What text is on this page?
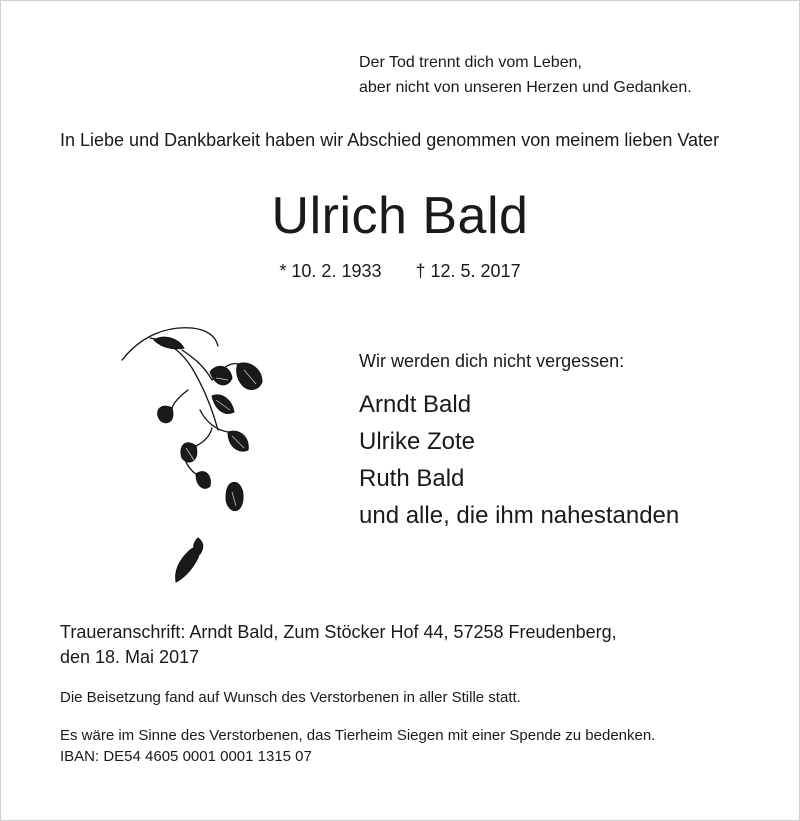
Der Tod trennt dich vom Leben,
aber nicht von unseren Herzen und Gedanken.

In Liebe und Dankbarkeit haben wir Abschied genommen von meinem lieben Vater

Ulrich Bald
* 10. 2. 1933 † 12. 5. 2017
Wir werden dich nicht vergessen:
Arndt Bald
Ulrike Zote
Ruth Bald
und alle, die ihm nahestanden
Traueranschrift: Arndt Bald, Zum Stöcker Hof 44, 57258 Freudenberg,
den 18. Mai 2017
Die Beisetzung fand auf Wunsch des Verstorbenen in aller Stille statt.
Es wäre im Sinne des Verstorbenen, das Tierheim Siegen mit einer Spende zu bedenken.
IBAN: DE54 4605 0001 0001 1315 07
